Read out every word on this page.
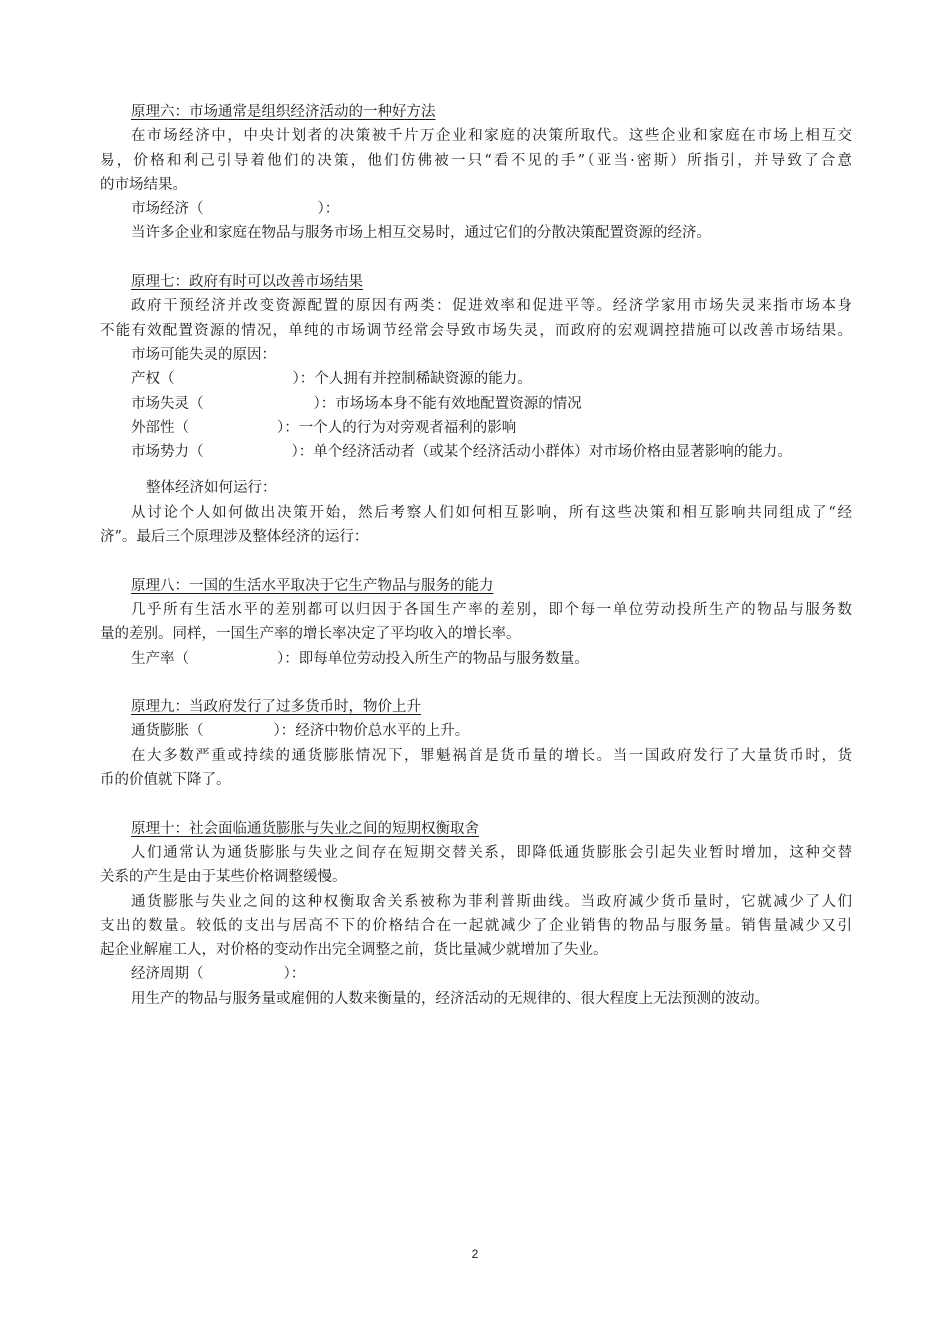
原理六：市场通常是组织经济活动的一种好方法
在市场经济中，中央计划者的决策被千片万企业和家庭的决策所取代。这些企业和家庭在市场上相互交
易，价格和利己引导着他们的决策，他们仿佛被一只“看不见的手”（亚当·密斯）所指引，并导致了合意
的市场结果。
市场经济（	）：
当许多企业和家庭在物品与服务市场上相互交易时，通过它们的分散决策配置资源的经济。
原理七：政府有时可以改善市场结果
政府干预经济并改变资源配置的原因有两类：促进效率和促进平等。经济学家用市场失灵来指市场本身
不能有效配置资源的情况，单纯的市场调节经常会导致市场失灵，而政府的宏观调控措施可以改善市场结果。
市场可能失灵的原因：
产权（	）：个人拥有并控制稀缺资源的能力。
市场失灵（	）：市场场本身不能有效地配置资源的情况
外部性（	）：一个人的行为对旁观者福利的影响
市场势力（	）：单个经济活动者（或某个经济活动小群体）对市场价格由显著影响的能力。
整体经济如何运行：
从讨论个人如何做出决策开始，然后考察人们如何相互影响，所有这些决策和相互影响共同组成了“经
济”。最后三个原理涉及整体经济的运行：
原理八：一国的生活水平取决于它生产物品与服务的能力
几乎所有生活水平的差别都可以归因于各国生产率的差别，即个每一单位劳动投所生产的物品与服务数
量的差别。同样，一国生产率的增长率决定了平均收入的增长率。
生产率（	）：即每单位劳动投入所生产的物品与服务数量。
原理九：当政府发行了过多货币时，物价上升
通货膨胀（	）：经济中物价总水平的上升。
在大多数严重或持续的通货膨胀情况下，罪魁祸首是货币量的增长。当一国政府发行了大量货币时，货
币的价值就下降了。
原理十：社会面临通货膨胀与失业之间的短期权衡取舍
人们通常认为通货膨胀与失业之间存在短期交替关系，即降低通货膨胀会引起失业暂时增加，这种交替
关系的产生是由于某些价格调整缓慢。
通货膨胀与失业之间的这种权衡取舍关系被称为菲利普斯曲线。当政府减少货币量时，它就减少了人们
支出的数量。较低的支出与居高不下的价格结合在一起就减少了企业销售的物品与服务量。销售量减少又引
起企业解雇工人，对价格的变动作出完全调整之前，货比量减少就增加了失业。
经济周期（	）：
用生产的物品与服务量或雇佣的人数来衡量的，经济活动的无规律的、很大程度上无法预测的波动。
2
